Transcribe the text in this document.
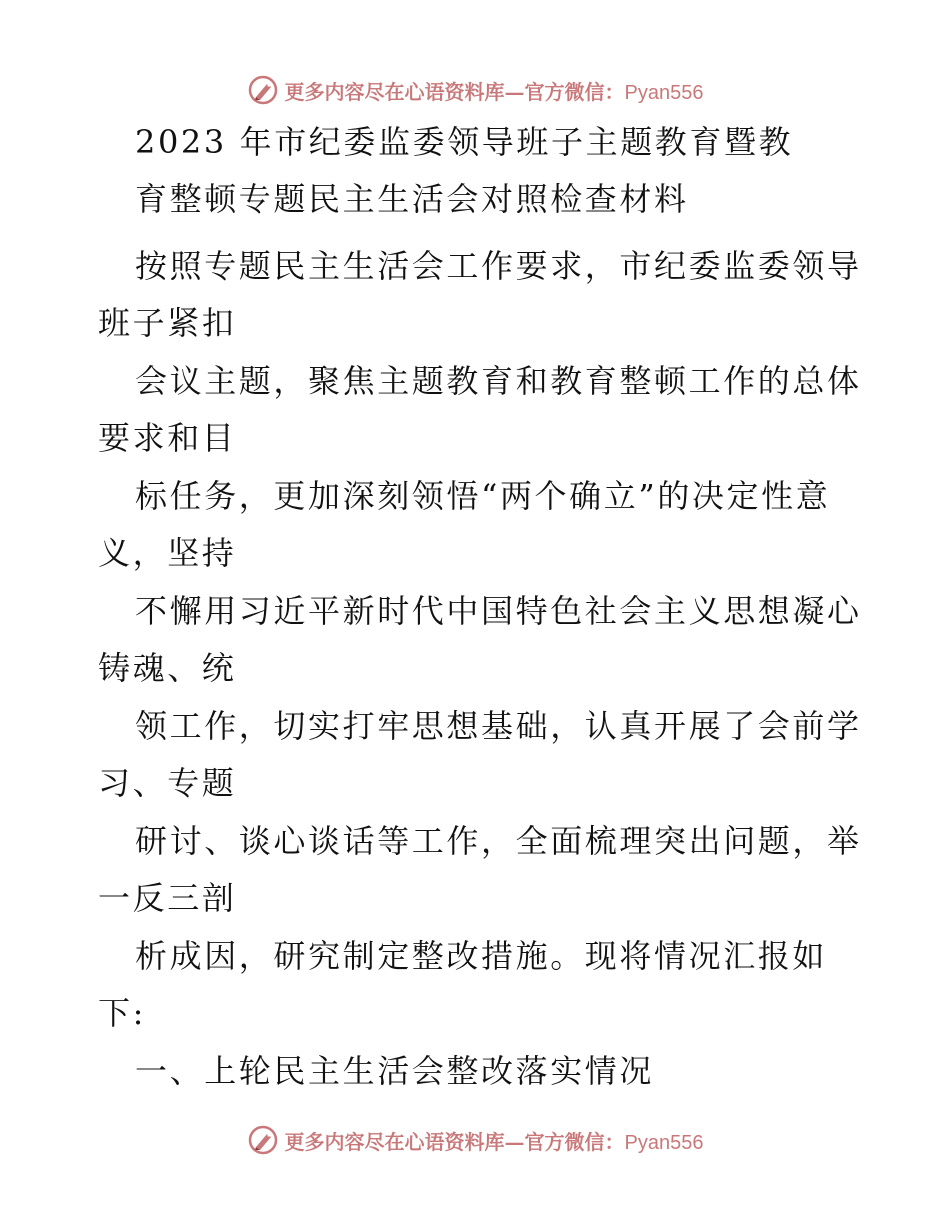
更多内容尽在心语资料库—官方微信：Pyan556
2023 年市纪委监委领导班子主题教育暨教
育整顿专题民主生活会对照检查材料
按照专题民主生活会工作要求，市纪委监委领导
班子紧扣
会议主题，聚焦主题教育和教育整顿工作的总体
要求和目
标任务，更加深刻领悟“两个确立”的决定性意
义，坚持
不懈用习近平新时代中国特色社会主义思想凝心
铸魂、统
领工作，切实打牢思想基础，认真开展了会前学
习、专题
研讨、谈心谈话等工作，全面梳理突出问题，举
一反三剖
析成因，研究制定整改措施。现将情况汇报如
下:
一、上轮民主生活会整改落实情况
更多内容尽在心语资料库—官方微信：Pyan556
